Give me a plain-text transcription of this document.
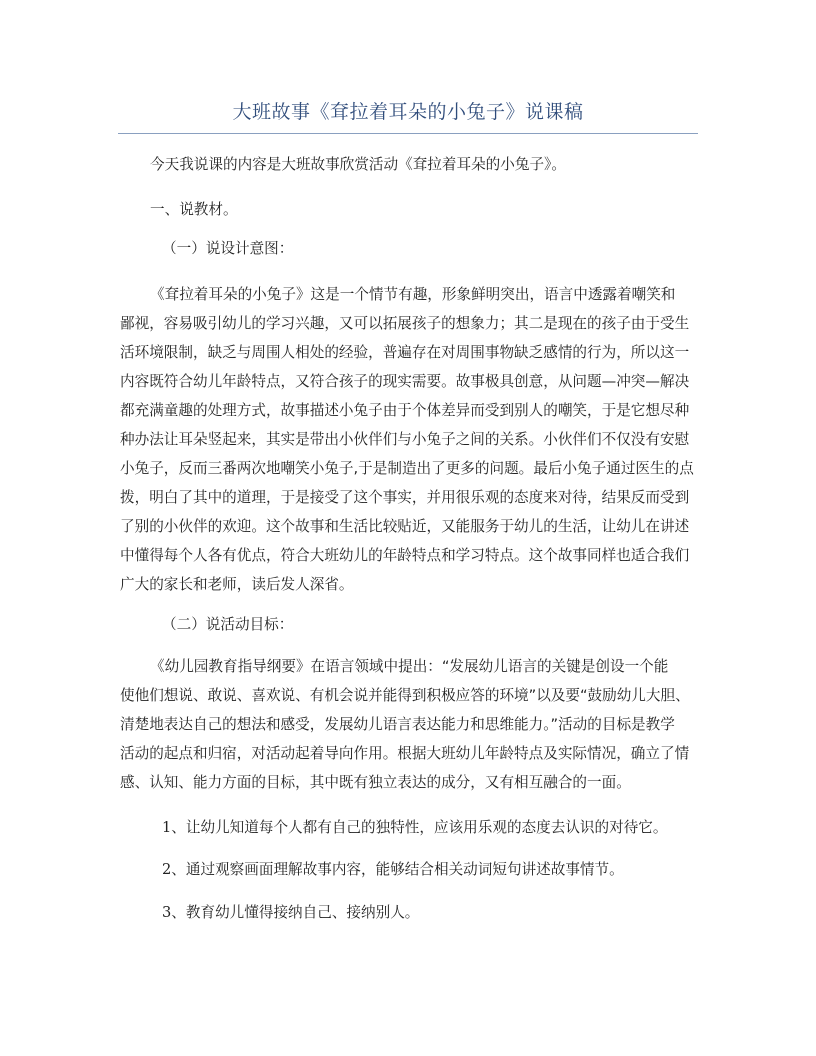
大班故事《耷拉着耳朵的小兔子》说课稿
今天我说课的内容是大班故事欣赏活动《耷拉着耳朵的小兔子》。
一、说教材。
（一）说设计意图：
《耷拉着耳朵的小兔子》这是一个情节有趣，形象鲜明突出，语言中透露着嘲笑和
鄙视，容易吸引幼儿的学习兴趣，又可以拓展孩子的想象力；其二是现在的孩子由于受生
活环境限制，缺乏与周围人相处的经验，普遍存在对周围事物缺乏感情的行为，所以这一
内容既符合幼儿年龄特点，又符合孩子的现实需要。故事极具创意，从问题—冲突—解决
都充满童趣的处理方式，故事描述小兔子由于个体差异而受到别人的嘲笑，于是它想尽种
种办法让耳朵竖起来，其实是带出小伙伴们与小兔子之间的关系。小伙伴们不仅没有安慰
小兔子，反而三番两次地嘲笑小兔子,于是制造出了更多的问题。最后小兔子通过医生的点
拨，明白了其中的道理，于是接受了这个事实，并用很乐观的态度来对待，结果反而受到
了别的小伙伴的欢迎。这个故事和生活比较贴近，又能服务于幼儿的生活，让幼儿在讲述
中懂得每个人各有优点，符合大班幼儿的年龄特点和学习特点。这个故事同样也适合我们
广大的家长和老师，读后发人深省。
（二）说活动目标：
《幼儿园教育指导纲要》在语言领域中提出：“发展幼儿语言的关键是创设一个能
使他们想说、敢说、喜欢说、有机会说并能得到积极应答的环境”以及要“鼓励幼儿大胆、
清楚地表达自己的想法和感受，发展幼儿语言表达能力和思维能力。”活动的目标是教学
活动的起点和归宿，对活动起着导向作用。根据大班幼儿年龄特点及实际情况，确立了情
感、认知、能力方面的目标，其中既有独立表达的成分，又有相互融合的一面。
1、让幼儿知道每个人都有自己的独特性，应该用乐观的态度去认识的对待它。
2、通过观察画面理解故事内容，能够结合相关动词短句讲述故事情节。
3、教育幼儿懂得接纳自己、接纳别人。
